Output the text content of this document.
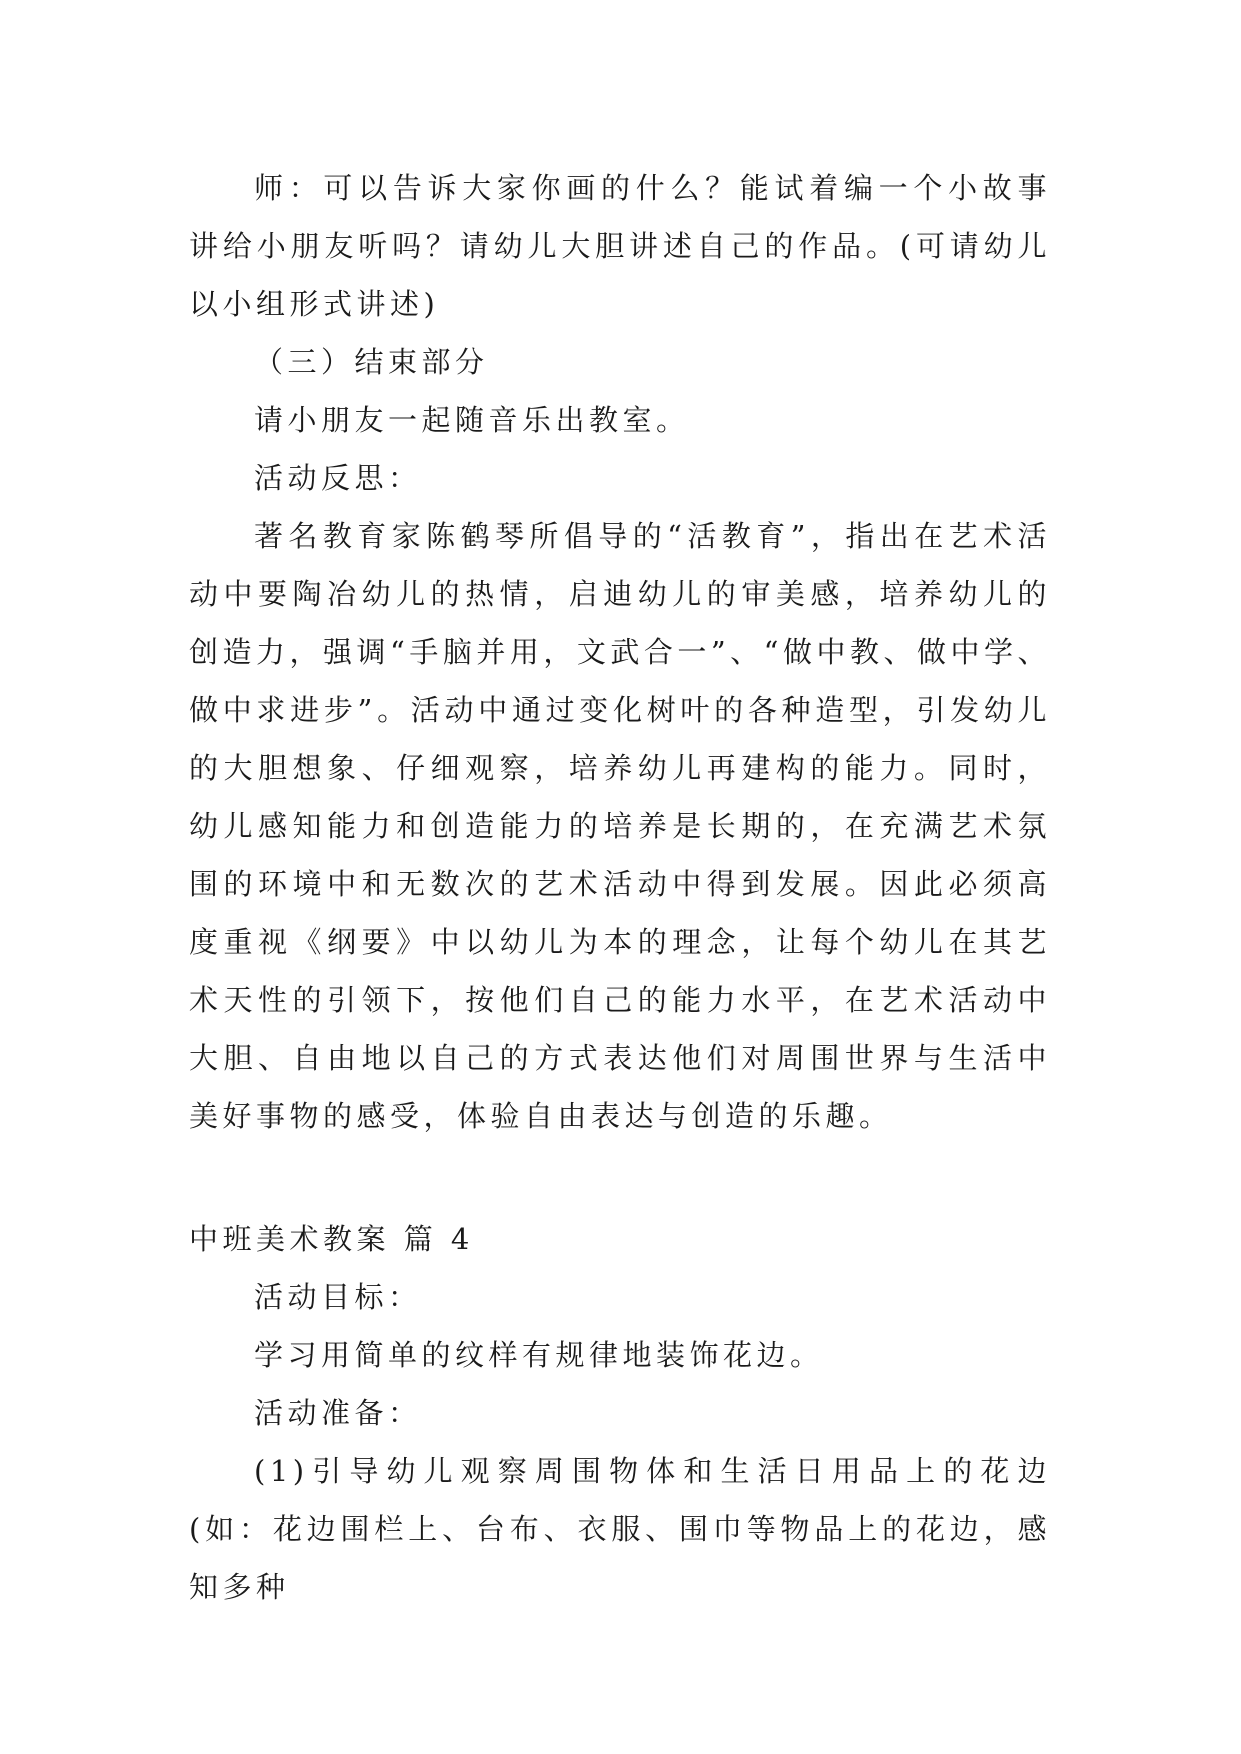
师：可以告诉大家你画的什么？能试着编一个小故事讲给小朋友听吗？请幼儿大胆讲述自己的作品。(可请幼儿以小组形式讲述)

（三）结束部分

请小朋友一起随音乐出教室。

活动反思：

著名教育家陈鹤琴所倡导的“活教育”，指出在艺术活动中要陶冶幼儿的热情，启迪幼儿的审美感，培养幼儿的创造力，强调“手脑并用，文武合一”、“做中教、做中学、做中求进步”。活动中通过变化树叶的各种造型，引发幼儿的大胆想象、仔细观察，培养幼儿再建构的能力。同时，幼儿感知能力和创造能力的培养是长期的，在充满艺术氛围的环境中和无数次的艺术活动中得到发展。因此必须高度重视《纲要》中以幼儿为本的理念，让每个幼儿在其艺术天性的引领下，按他们自己的能力水平，在艺术活动中大胆、自由地以自己的方式表达他们对周围世界与生活中美好事物的感受，体验自由表达与创造的乐趣。

中班美术教案 篇 4

活动目标：

学习用简单的纹样有规律地装饰花边。

活动准备：

(1)引导幼儿观察周围物体和生活日用品上的花边(如：花边围栏上、台布、衣服、围巾等物品上的花边，感知多种
